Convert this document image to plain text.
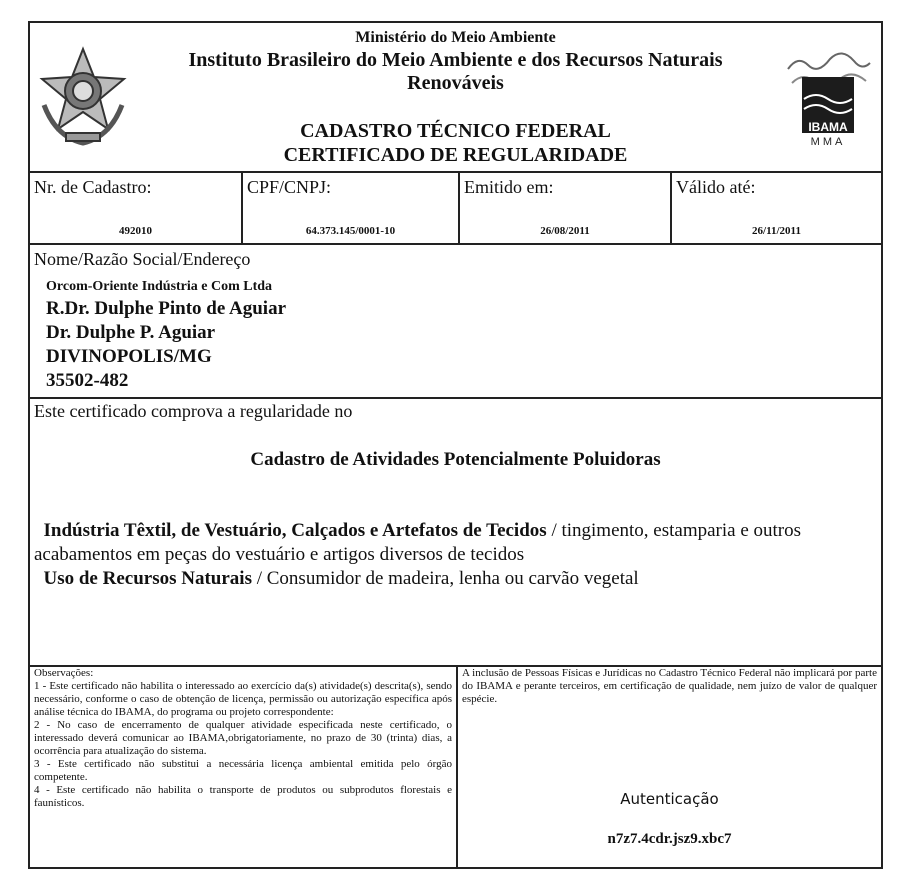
Ministério do Meio Ambiente
Instituto Brasileiro do Meio Ambiente e dos Recursos Naturais
Renováveis
CADASTRO TÉCNICO FEDERAL
CERTIFICADO DE REGULARIDADE
IBAMA
MMA
Nr. de Cadastro:
492010
CPF/CNPJ:
64.373.145/0001-10
Emitido em:
26/08/2011
Válido até:
26/11/2011
Nome/Razão Social/Endereço
Orcom-Oriente Indústria e Com Ltda
R.Dr. Dulphe Pinto de Aguiar
Dr. Dulphe P. Aguiar
DIVINOPOLIS/MG
35502-482
Este certificado comprova a regularidade no
Cadastro de Atividades Potencialmente Poluidoras
Indústria Têxtil, de Vestuário, Calçados e Artefatos de Tecidos / tingimento, estamparia e outros acabamentos em peças do vestuário e artigos diversos de tecidos
Uso de Recursos Naturais / Consumidor de madeira, lenha ou carvão vegetal

Observações:

1 - Este certificado não habilita o interessado ao exercício da(s) atividade(s) descrita(s), sendo necessário, conforme o caso de obtenção de licença, permissão ou autorização específica após análise técnica do IBAMA, do programa ou projeto correspondente:

2 - No caso de encerramento de qualquer atividade especificada neste certificado, o interessado deverá comunicar ao IBAMA,obrigatoriamente, no prazo de 30 (trinta) dias, a ocorrência para atualização do sistema.

3 - Este certificado não substitui a necessária licença ambiental emitida pelo órgão competente.

4 - Este certificado não habilita o transporte de produtos ou subprodutos florestais e faunísticos.

A inclusão de Pessoas Físicas e Jurídicas no Cadastro Técnico Federal não implicará por parte do IBAMA e perante terceiros, em certificação de qualidade, nem juízo de valor de qualquer espécie.
Autenticação
n7z7.4cdr.jsz9.xbc7
